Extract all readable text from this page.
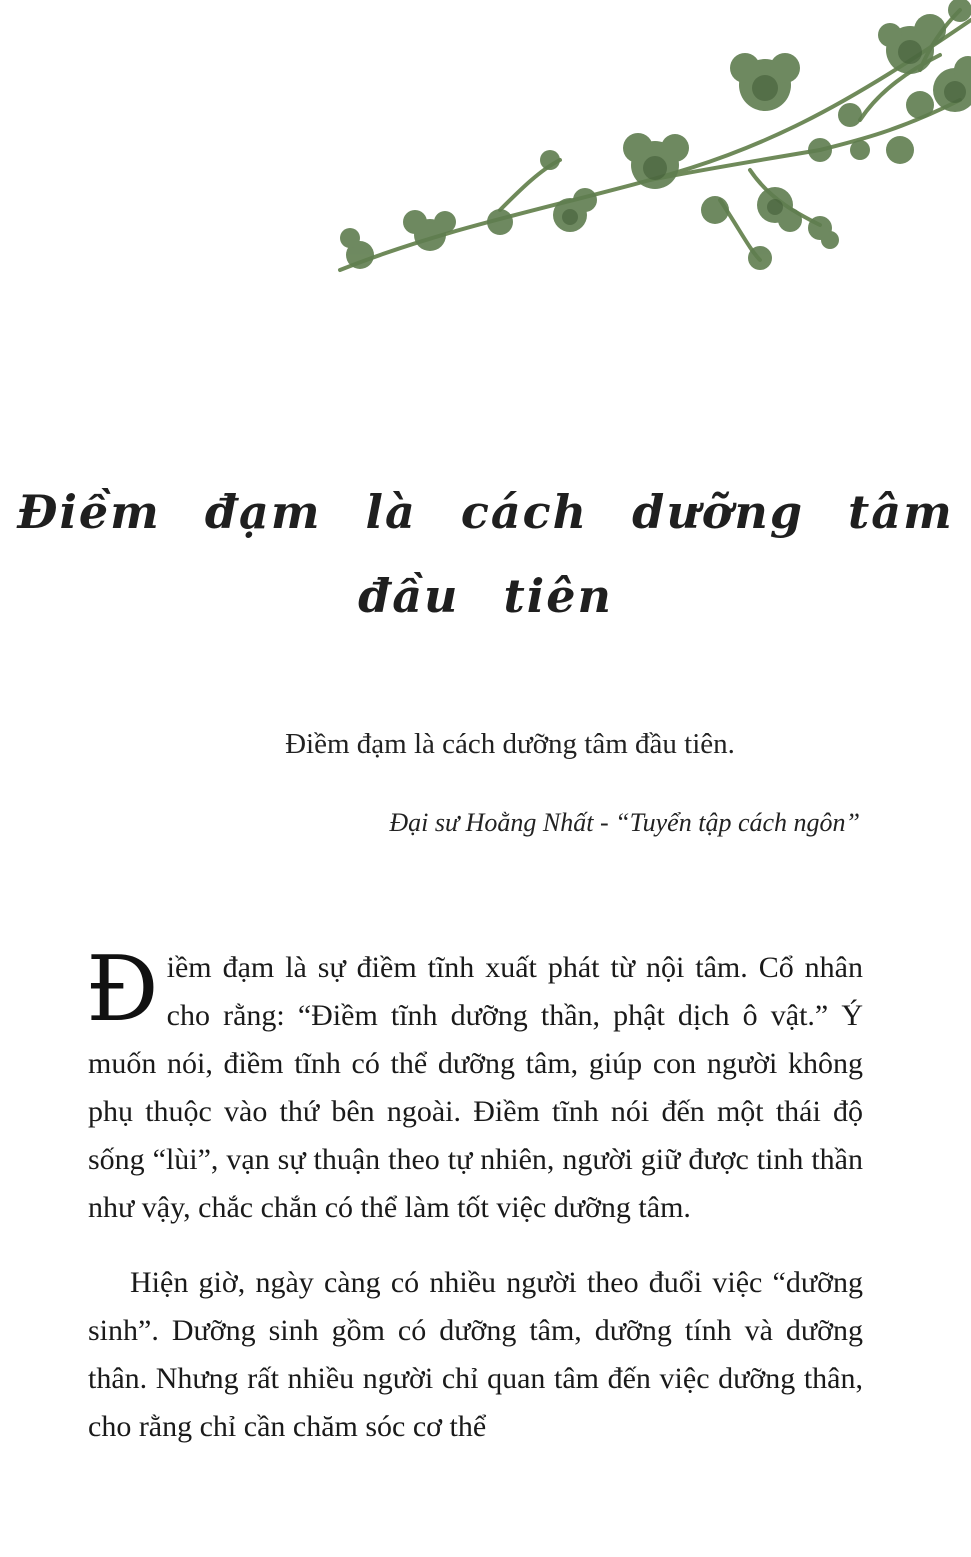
Điềm đạm là cách dưỡng tâm
đầu tiên
Điềm đạm là cách dưỡng tâm đầu tiên.
Đại sư Hoằng Nhất - “Tuyển tập cách ngôn”

Điềm đạm là sự điềm tĩnh xuất phát từ nội tâm. Cổ nhân cho rằng: “Điềm tĩnh dưỡng thần, phật dịch ô vật.” Ý muốn nói, điềm tĩnh có thể dưỡng tâm, giúp con người không phụ thuộc vào thứ bên ngoài. Điềm tĩnh nói đến một thái độ sống “lùi”, vạn sự thuận theo tự nhiên, người giữ được tinh thần như vậy, chắc chắn có thể làm tốt việc dưỡng tâm.

Hiện giờ, ngày càng có nhiều người theo đuổi việc “dưỡng sinh”. Dưỡng sinh gồm có dưỡng tâm, dưỡng tính và dưỡng thân. Nhưng rất nhiều người chỉ quan tâm đến việc dưỡng thân, cho rằng chỉ cần chăm sóc cơ thể
